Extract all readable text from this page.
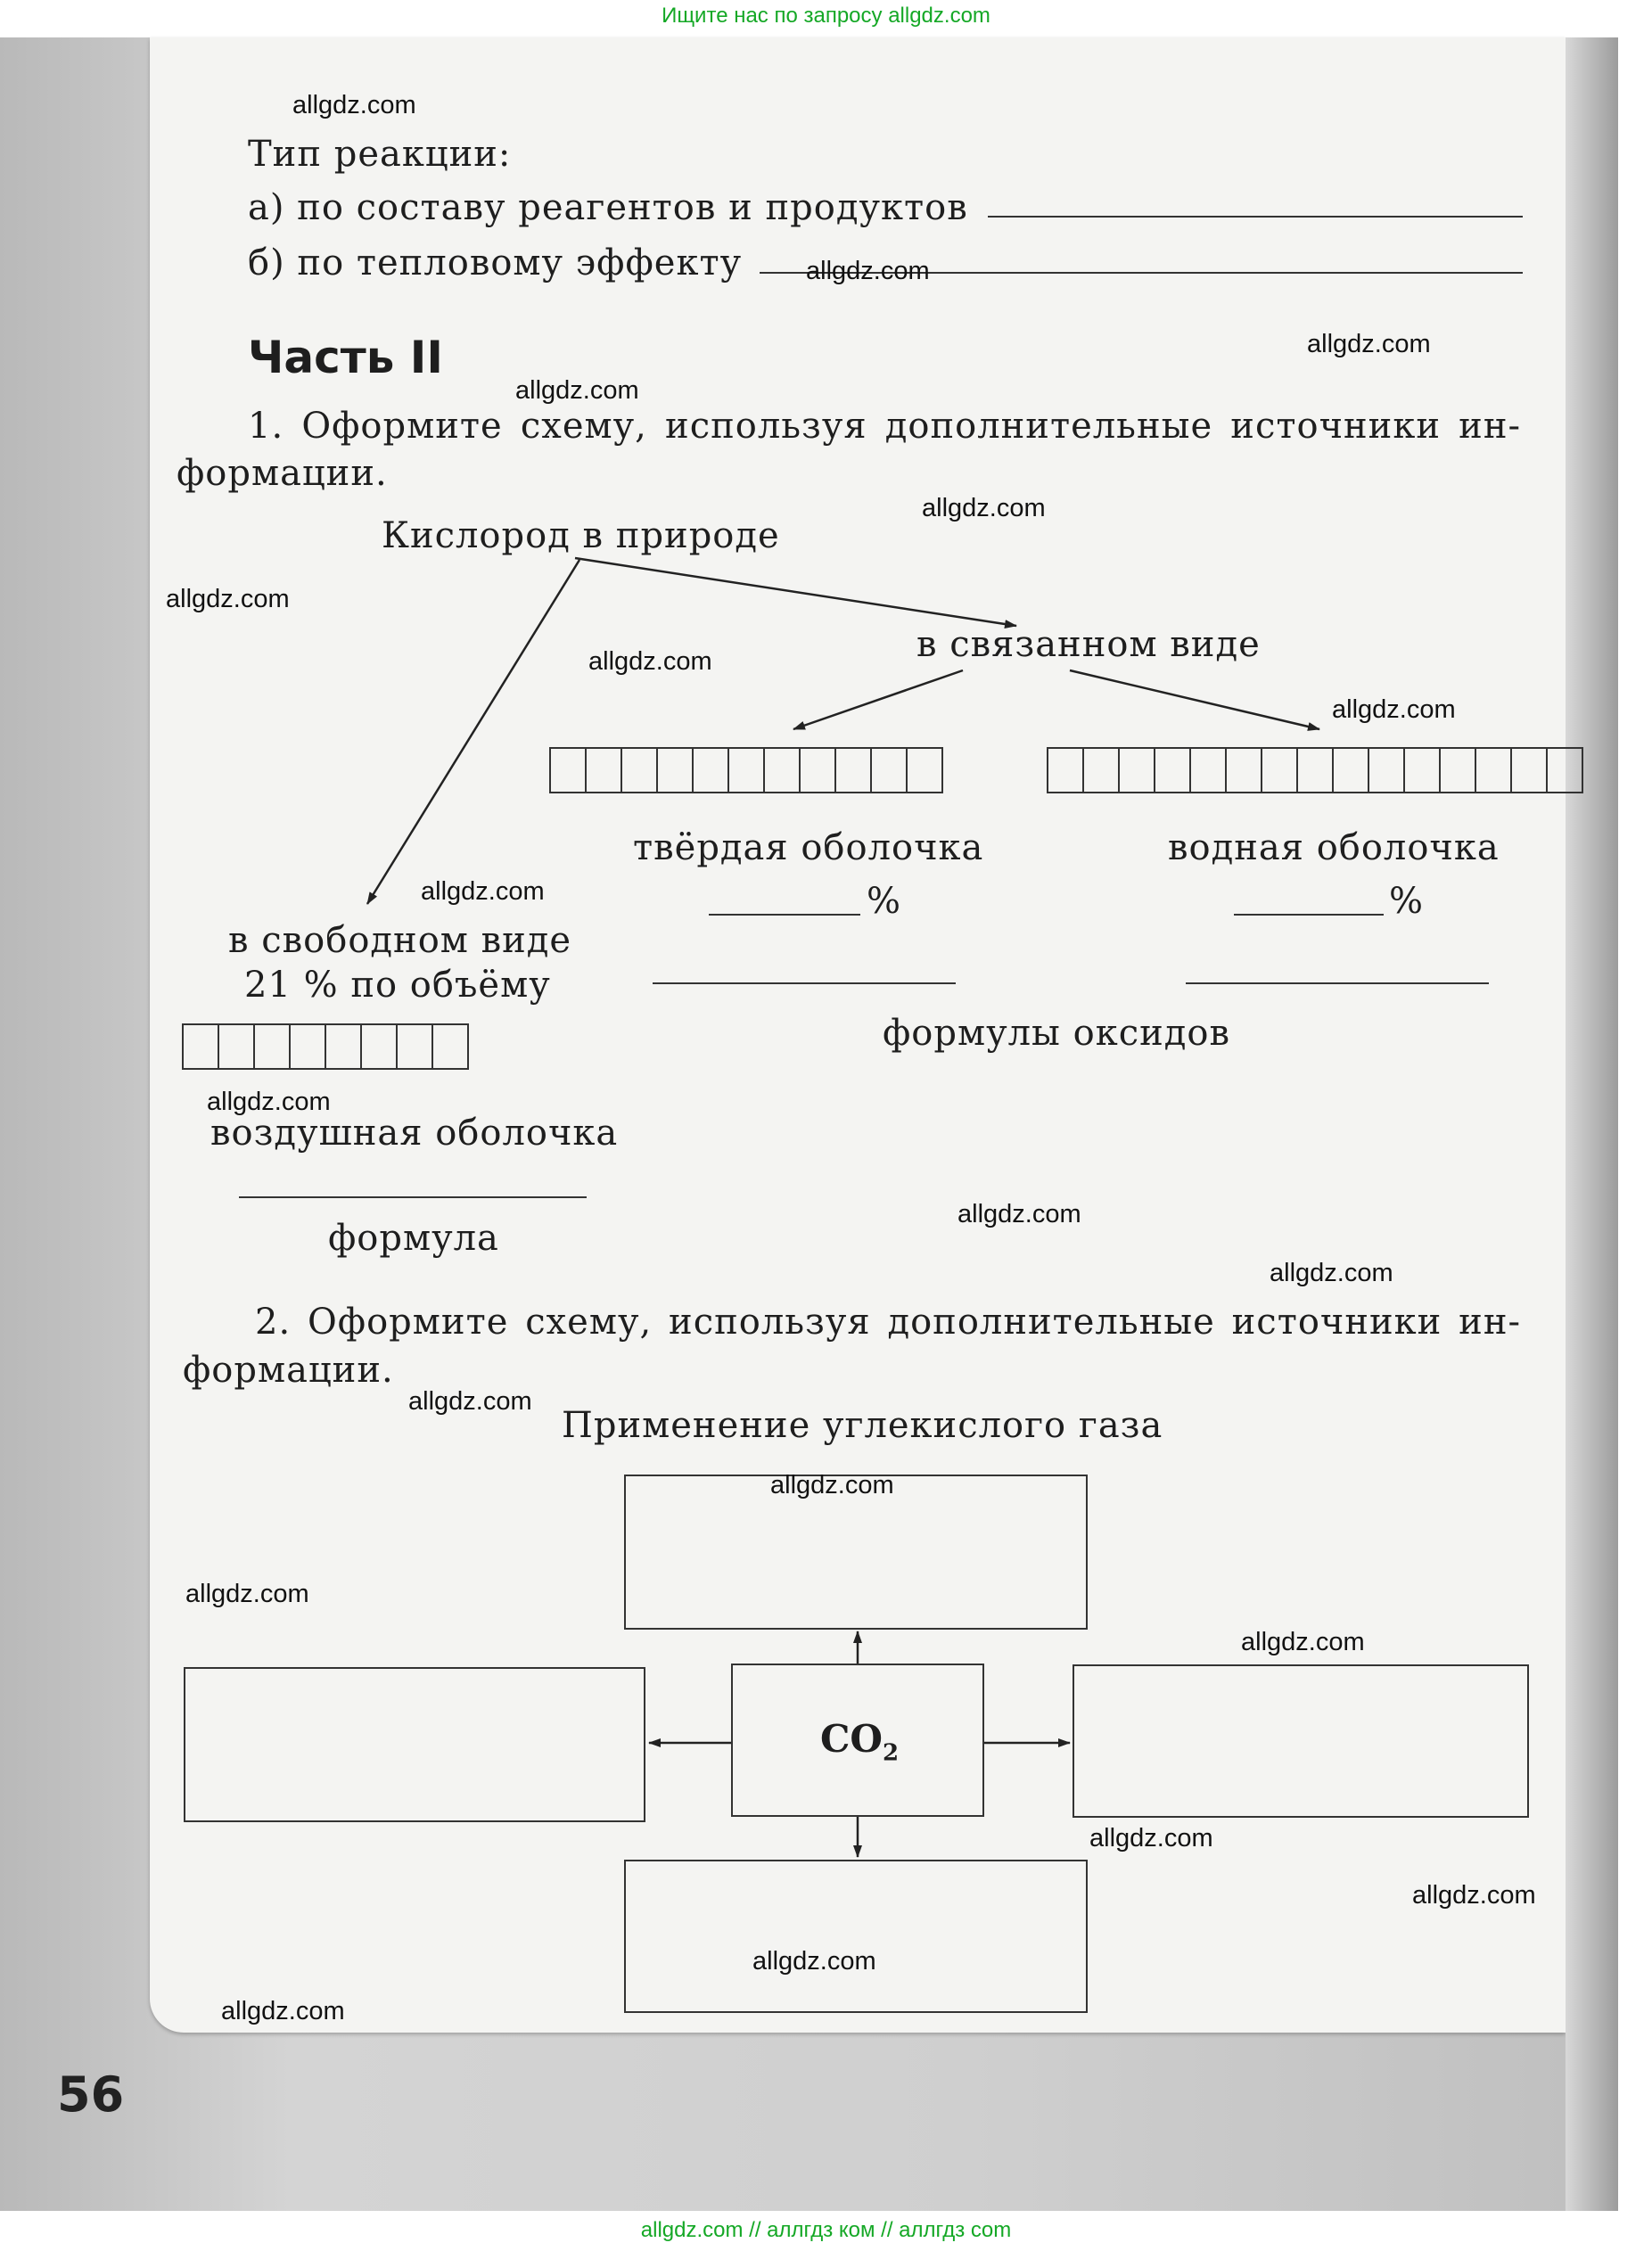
Ищите нас по запросу allgdz.com
Тип реакции:
а) по составу реагентов и продуктов
б) по тепловому эффекту
Часть II
1. Оформите схему, используя дополнительные источники ин-
формации.
Кислород в природе
в связанном виде
твёрдая оболочка	водная оболочка
%	%
в свободном виде
21 % по объёму
формулы оксидов
воздушная оболочка
формула
2. Оформите схему, используя дополнительные источники ин-
формации.
Применение углекислого газа
$CO_2$
allgdz.com
allgdz.com
allgdz.com
allgdz.com
allgdz.com
allgdz.com
allgdz.com
allgdz.com
allgdz.com
allgdz.com
allgdz.com
allgdz.com
allgdz.com
allgdz.com
allgdz.com
allgdz.com
allgdz.com
allgdz.com
allgdz.com
allgdz.com
56
allgdz.com // аллгдз ком // аллгдз com
